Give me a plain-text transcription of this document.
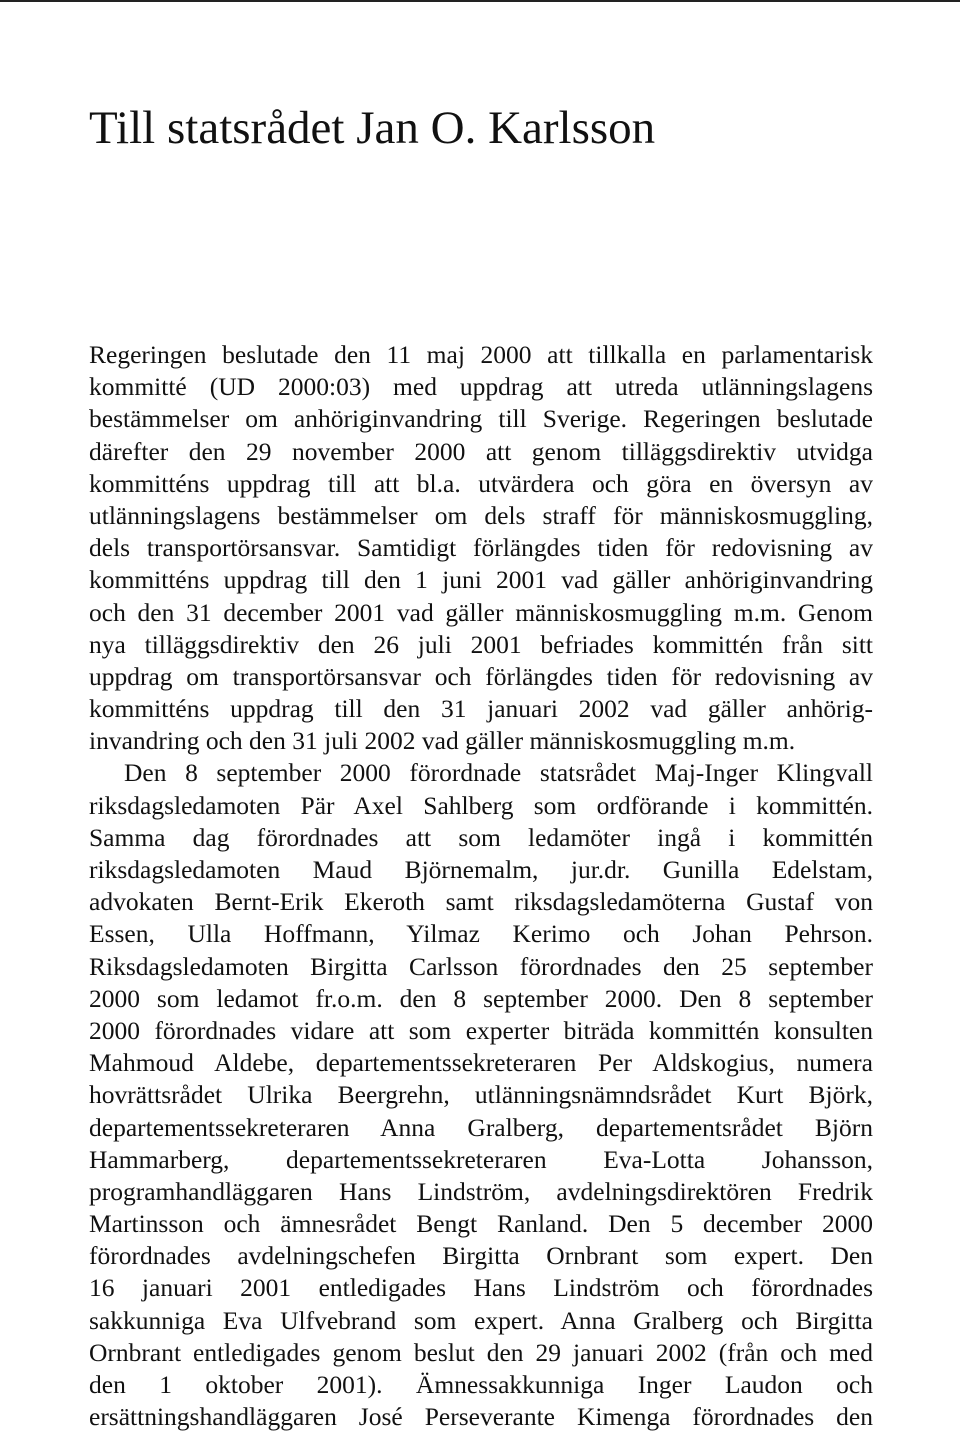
Till statsrådet Jan O. Karlsson
Regeringen beslutade den 11 maj 2000 att tillkalla en parlamentarisk
kommitté (UD 2000:03) med uppdrag att utreda utlänningslagens
bestämmelser om anhöriginvandring till Sverige. Regeringen beslutade
därefter den 29 november 2000 att genom tilläggsdirektiv utvidga
kommitténs uppdrag till att bl.a. utvärdera och göra en översyn av
utlänningslagens bestämmelser om dels straff för människosmuggling,
dels transportörsansvar. Samtidigt förlängdes tiden för redovisning av
kommitténs uppdrag till den 1 juni 2001 vad gäller anhöriginvandring
och den 31 december 2001 vad gäller människosmuggling m.m. Genom
nya tilläggsdirektiv den 26 juli 2001 befriades kommittén från sitt
uppdrag om transportörsansvar och förlängdes tiden för redovisning av
kommitténs uppdrag till den 31 januari 2002 vad gäller anhörig-
invandring och den 31 juli 2002 vad gäller människosmuggling m.m.
Den 8 september 2000 förordnade statsrådet Maj-Inger Klingvall
riksdagsledamoten Pär Axel Sahlberg som ordförande i kommittén.
Samma dag förordnades att som ledamöter ingå i kommittén
riksdagsledamoten Maud Björnemalm, jur.dr. Gunilla Edelstam,
advokaten Bernt-Erik Ekeroth samt riksdagsledamöterna Gustaf von
Essen, Ulla Hoffmann, Yilmaz Kerimo och Johan Pehrson.
Riksdagsledamoten Birgitta Carlsson förordnades den 25 september
2000 som ledamot fr.o.m. den 8 september 2000. Den 8 september
2000 förordnades vidare att som experter biträda kommittén konsulten
Mahmoud Aldebe, departementssekreteraren Per Aldskogius, numera
hovrättsrådet Ulrika Beergrehn, utlänningsnämndsrådet Kurt Björk,
departementssekreteraren Anna Gralberg, departementsrådet Björn
Hammarberg, departementssekreteraren Eva-Lotta Johansson,
programhandläggaren Hans Lindström, avdelningsdirektören Fredrik
Martinsson och ämnesrådet Bengt Ranland. Den 5 december 2000
förordnades avdelningschefen Birgitta Ornbrant som expert. Den
16 januari 2001 entledigades Hans Lindström och förordnades
sakkunniga Eva Ulfvebrand som expert. Anna Gralberg och Birgitta
Ornbrant entledigades genom beslut den 29 januari 2002 (från och med
den 1 oktober 2001). Ämnessakkunniga Inger Laudon och
ersättningshandläggaren José Perseverante Kimenga förordnades den
